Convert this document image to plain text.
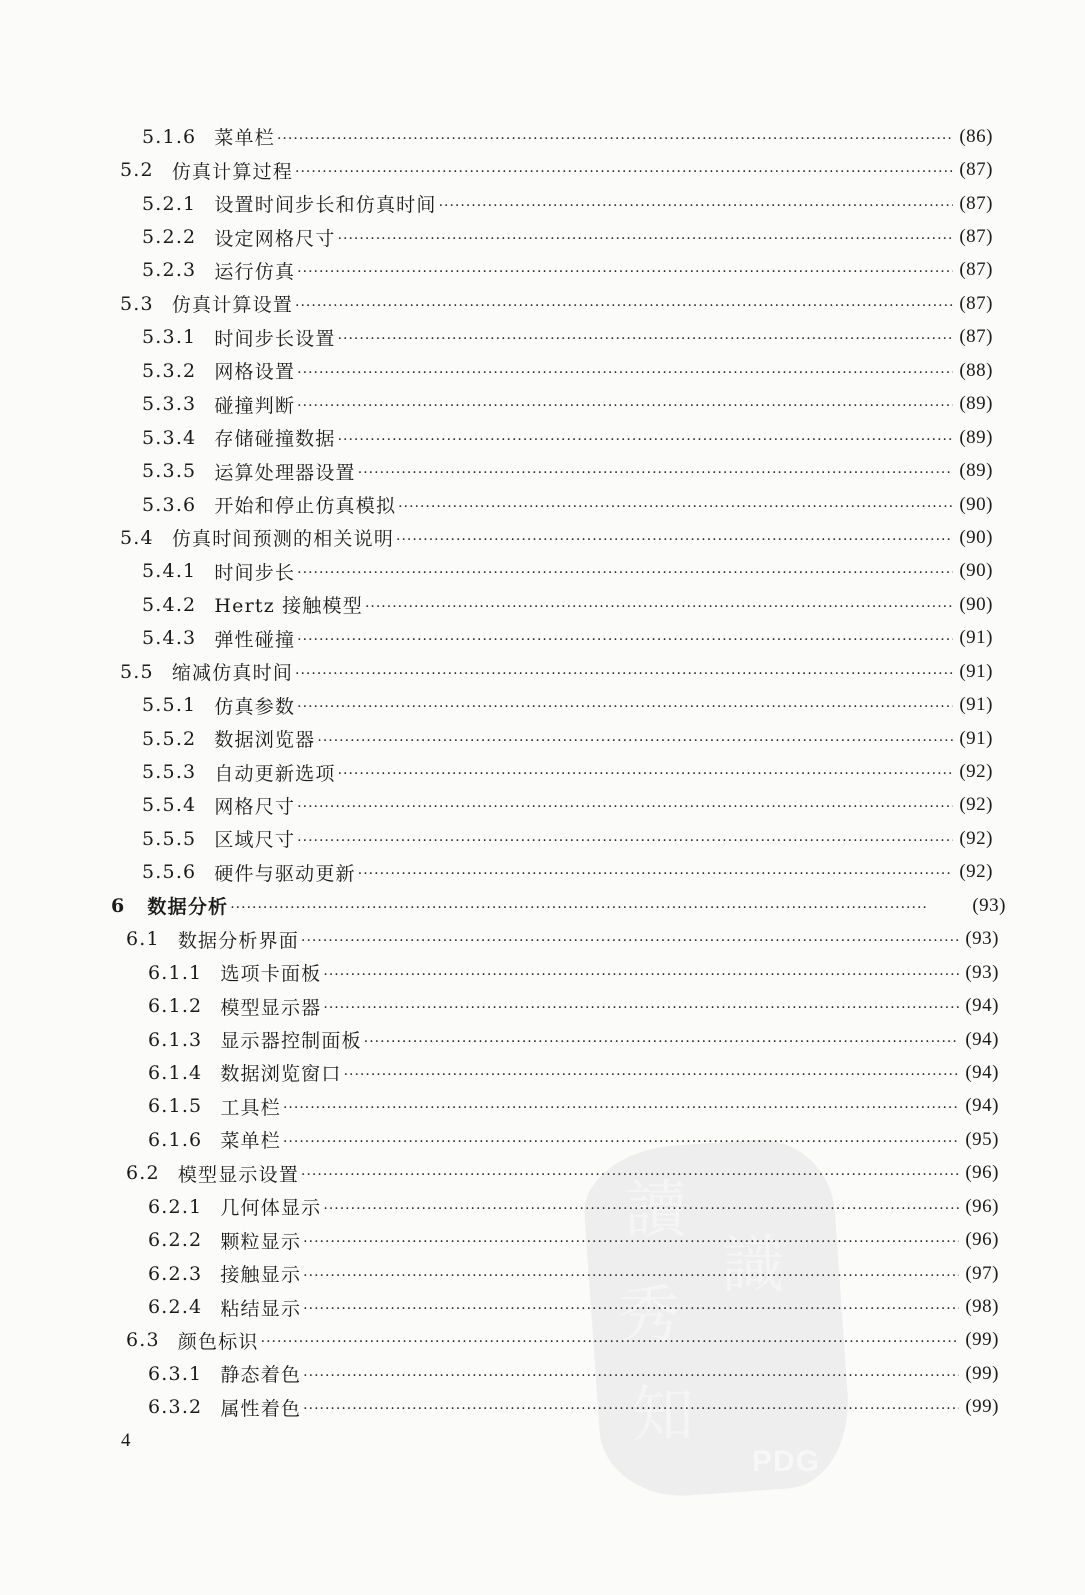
讀
識
秀
知
PDG
5.1.6 菜单栏 ·····	(86)
5.2 仿真计算过程 ·····	(87)
5.2.1 设置时间步长和仿真时间 ·····	(87)
5.2.2 设定网格尺寸 ·····	(87)
5.2.3 运行仿真 ·····	(87)
5.3 仿真计算设置 ·····	(87)
5.3.1 时间步长设置 ·····	(87)
5.3.2 网格设置 ·····	(88)
5.3.3 碰撞判断 ·····	(89)
5.3.4 存储碰撞数据 ·····	(89)
5.3.5 运算处理器设置 ·····	(89)
5.3.6 开始和停止仿真模拟 ·····	(90)
5.4 仿真时间预测的相关说明 ·····	(90)
5.4.1 时间步长 ·····	(90)
5.4.2 Hertz 接触模型 ·····	(90)
5.4.3 弹性碰撞 ·····	(91)
5.5 缩减仿真时间 ·····	(91)
5.5.1 仿真参数 ·····	(91)
5.5.2 数据浏览器 ·····	(91)
5.5.3 自动更新选项 ·····	(92)
5.5.4 网格尺寸 ·····	(92)
5.5.5 区域尺寸 ·····	(92)
5.5.6 硬件与驱动更新 ·····	(92)
6 数据分析 ·····	(93)
6.1 数据分析界面 ·····	(93)
6.1.1 选项卡面板 ·····	(93)
6.1.2 模型显示器 ·····	(94)
6.1.3 显示器控制面板 ·····	(94)
6.1.4 数据浏览窗口 ·····	(94)
6.1.5 工具栏 ·····	(94)
6.1.6 菜单栏 ·····	(95)
6.2 模型显示设置 ·····	(96)
6.2.1 几何体显示 ·····	(96)
6.2.2 颗粒显示 ·····	(96)
6.2.3 接触显示 ·····	(97)
6.2.4 粘结显示 ·····	(98)
6.3 颜色标识 ·····	(99)
6.3.1 静态着色 ·····	(99)
6.3.2 属性着色 ·····	(99)
4
